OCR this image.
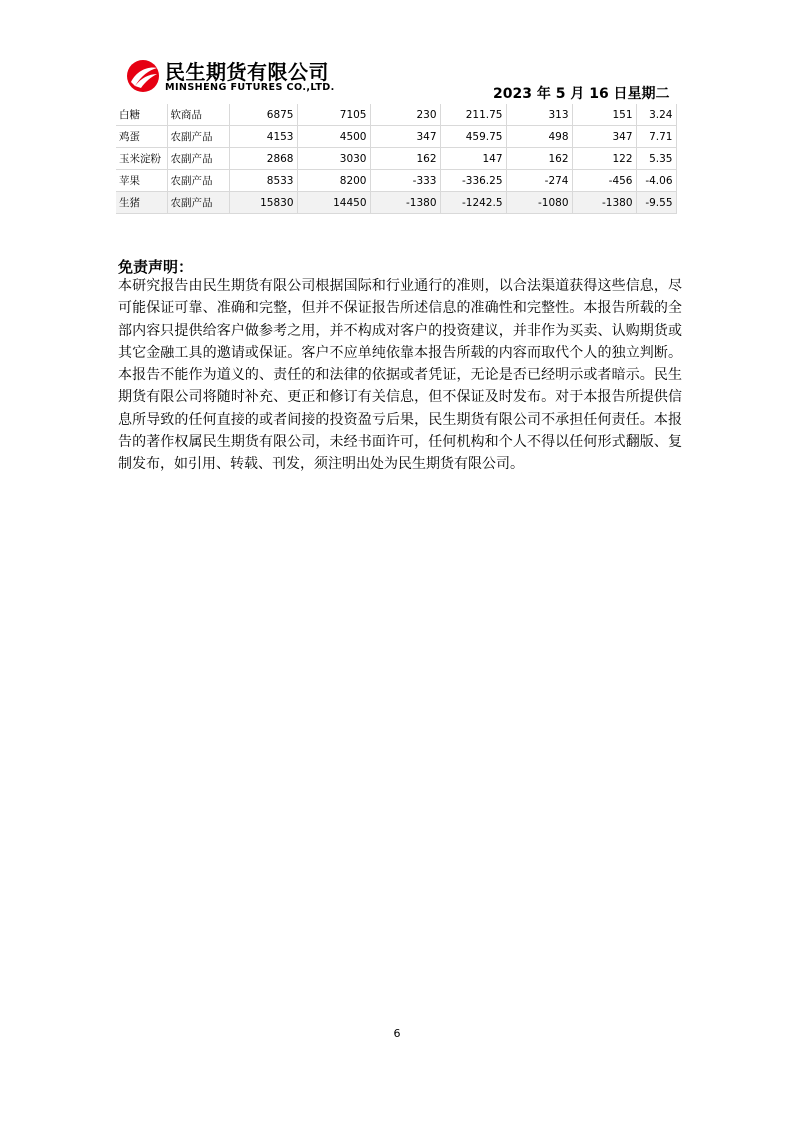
民生期货有限公司
MINSHENG FUTURES CO.,LTD.	2023 年 5 月 16 日星期二
白糖	软商品	6875	7105	230	211.75	313	151	3.24
鸡蛋	农副产品	4153	4500	347	459.75	498	347	7.71
玉米淀粉	农副产品	2868	3030	162	147	162	122	5.35
苹果	农副产品	8533	8200	-333	-336.25	-274	-456	-4.06
生猪	农副产品	15830	14450	-1380	-1242.5	-1080	-1380	-9.55
免责声明：
本研究报告由民生期货有限公司根据国际和行业通行的准则，以合法渠道获得这些信息，尽可能保证可靠、准确和完整，但并不保证报告所述信息的准确性和完整性。本报告所载的全部内容只提供给客户做参考之用，并不构成对客户的投资建议，并非作为买卖、认购期货或其它金融工具的邀请或保证。客户不应单纯依靠本报告所载的内容而取代个人的独立判断。本报告不能作为道义的、责任的和法律的依据或者凭证，无论是否已经明示或者暗示。民生期货有限公司将随时补充、更正和修订有关信息，但不保证及时发布。对于本报告所提供信息所导致的任何直接的或者间接的投资盈亏后果，民生期货有限公司不承担任何责任。本报告的著作权属民生期货有限公司，未经书面许可，任何机构和个人不得以任何形式翻版、复制发布，如引用、转载、刊发，须注明出处为民生期货有限公司。
6
